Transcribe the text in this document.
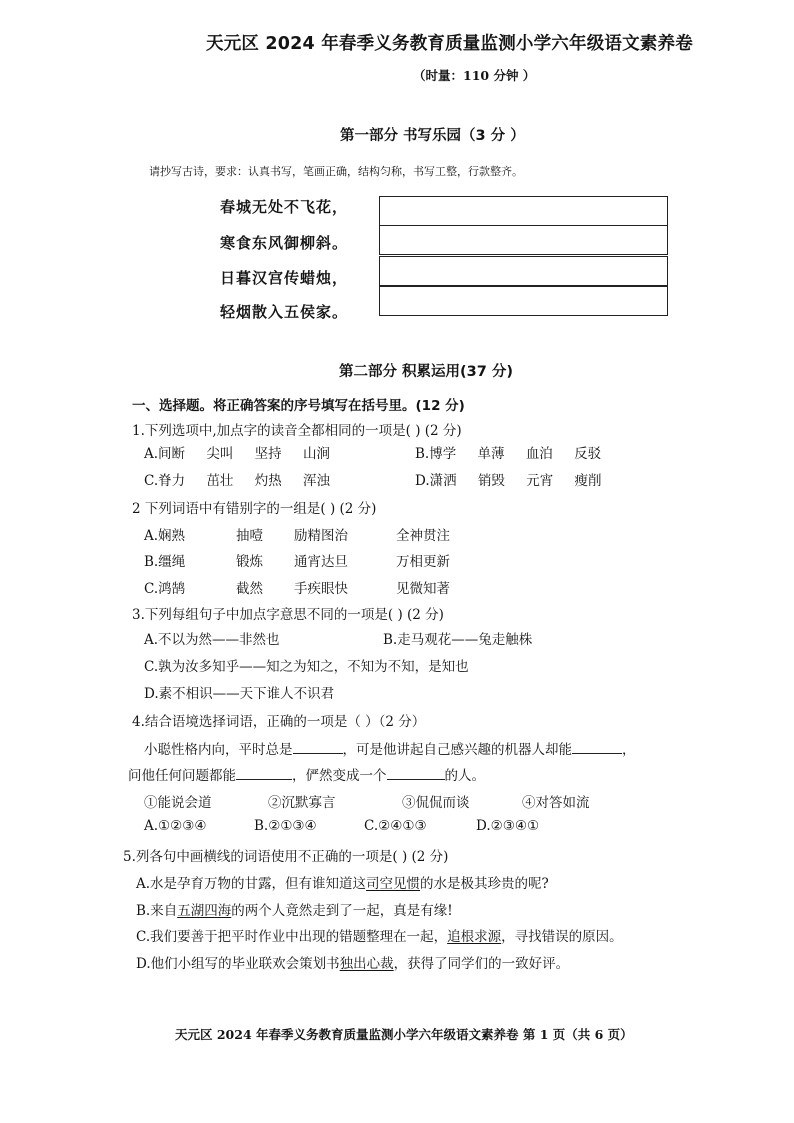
天元区 2024 年春季义务教育质量监测小学六年级语文素养卷
（时量：110 分钟 ）
第一部分 书写乐园（3 分 ）
请抄写古诗，要求：认真书写，笔画正确，结构匀称，书写工整，行款整齐。
春城无处不飞花，
寒食东风御柳斜。
日暮汉宫传蜡烛，
轻烟散入五侯家。
第二部分 积累运用(37 分)
一、选择题。将正确答案的序号填写在括号里。(12 分)
1.下列选项中,加点字的读音全都相同的一项是( ) (2 分)
A.间断 尖叫 坚持 山涧	B.博学 单薄 血泊 反驳
C.脊力 茁壮 灼热 浑浊	D.潇洒 销毁 元宵 瘦削
2 下列词语中有错别字的一组是( ) (2 分)
A.娴熟	抽噎 励精图治	全神贯注
B.缰绳	锻炼 通宵达旦	万相更新
C.鸿鹄	截然 手疾眼快	见微知著
3.下列每组句子中加点字意思不同的一项是( ) (2 分)
A.不以为然——非然也	B.走马观花——兔走触株
C.孰为汝多知乎——知之为知之，不知为不知，是知也
D.素不相识——天下谁人不识君
4.结合语境选择词语，正确的一项是（ ）（2 分）
小聪性格内向，平时总是	，可是他讲起自己感兴趣的机器人却能	，
问他任何问题都能	，俨然变成一个	的人。
①能说会道	②沉默寡言	③侃侃而谈	④对答如流
A.①②③④	B.②①③④	C.②④①③	D.②③④①
5.列各句中画横线的词语使用不正确的一项是( ) (2 分)
A.水是孕育万物的甘露，但有谁知道这司空见惯的水是极其珍贵的呢?
B.来自五湖四海的两个人竟然走到了一起，真是有缘!
C.我们要善于把平时作业中出现的错题整理在一起，追根求源，寻找错误的原因。
D.他们小组写的毕业联欢会策划书独出心裁，获得了同学们的一致好评。
天元区 2024 年春季义务教育质量监测小学六年级语文素养卷 第 1 页（共 6 页）
